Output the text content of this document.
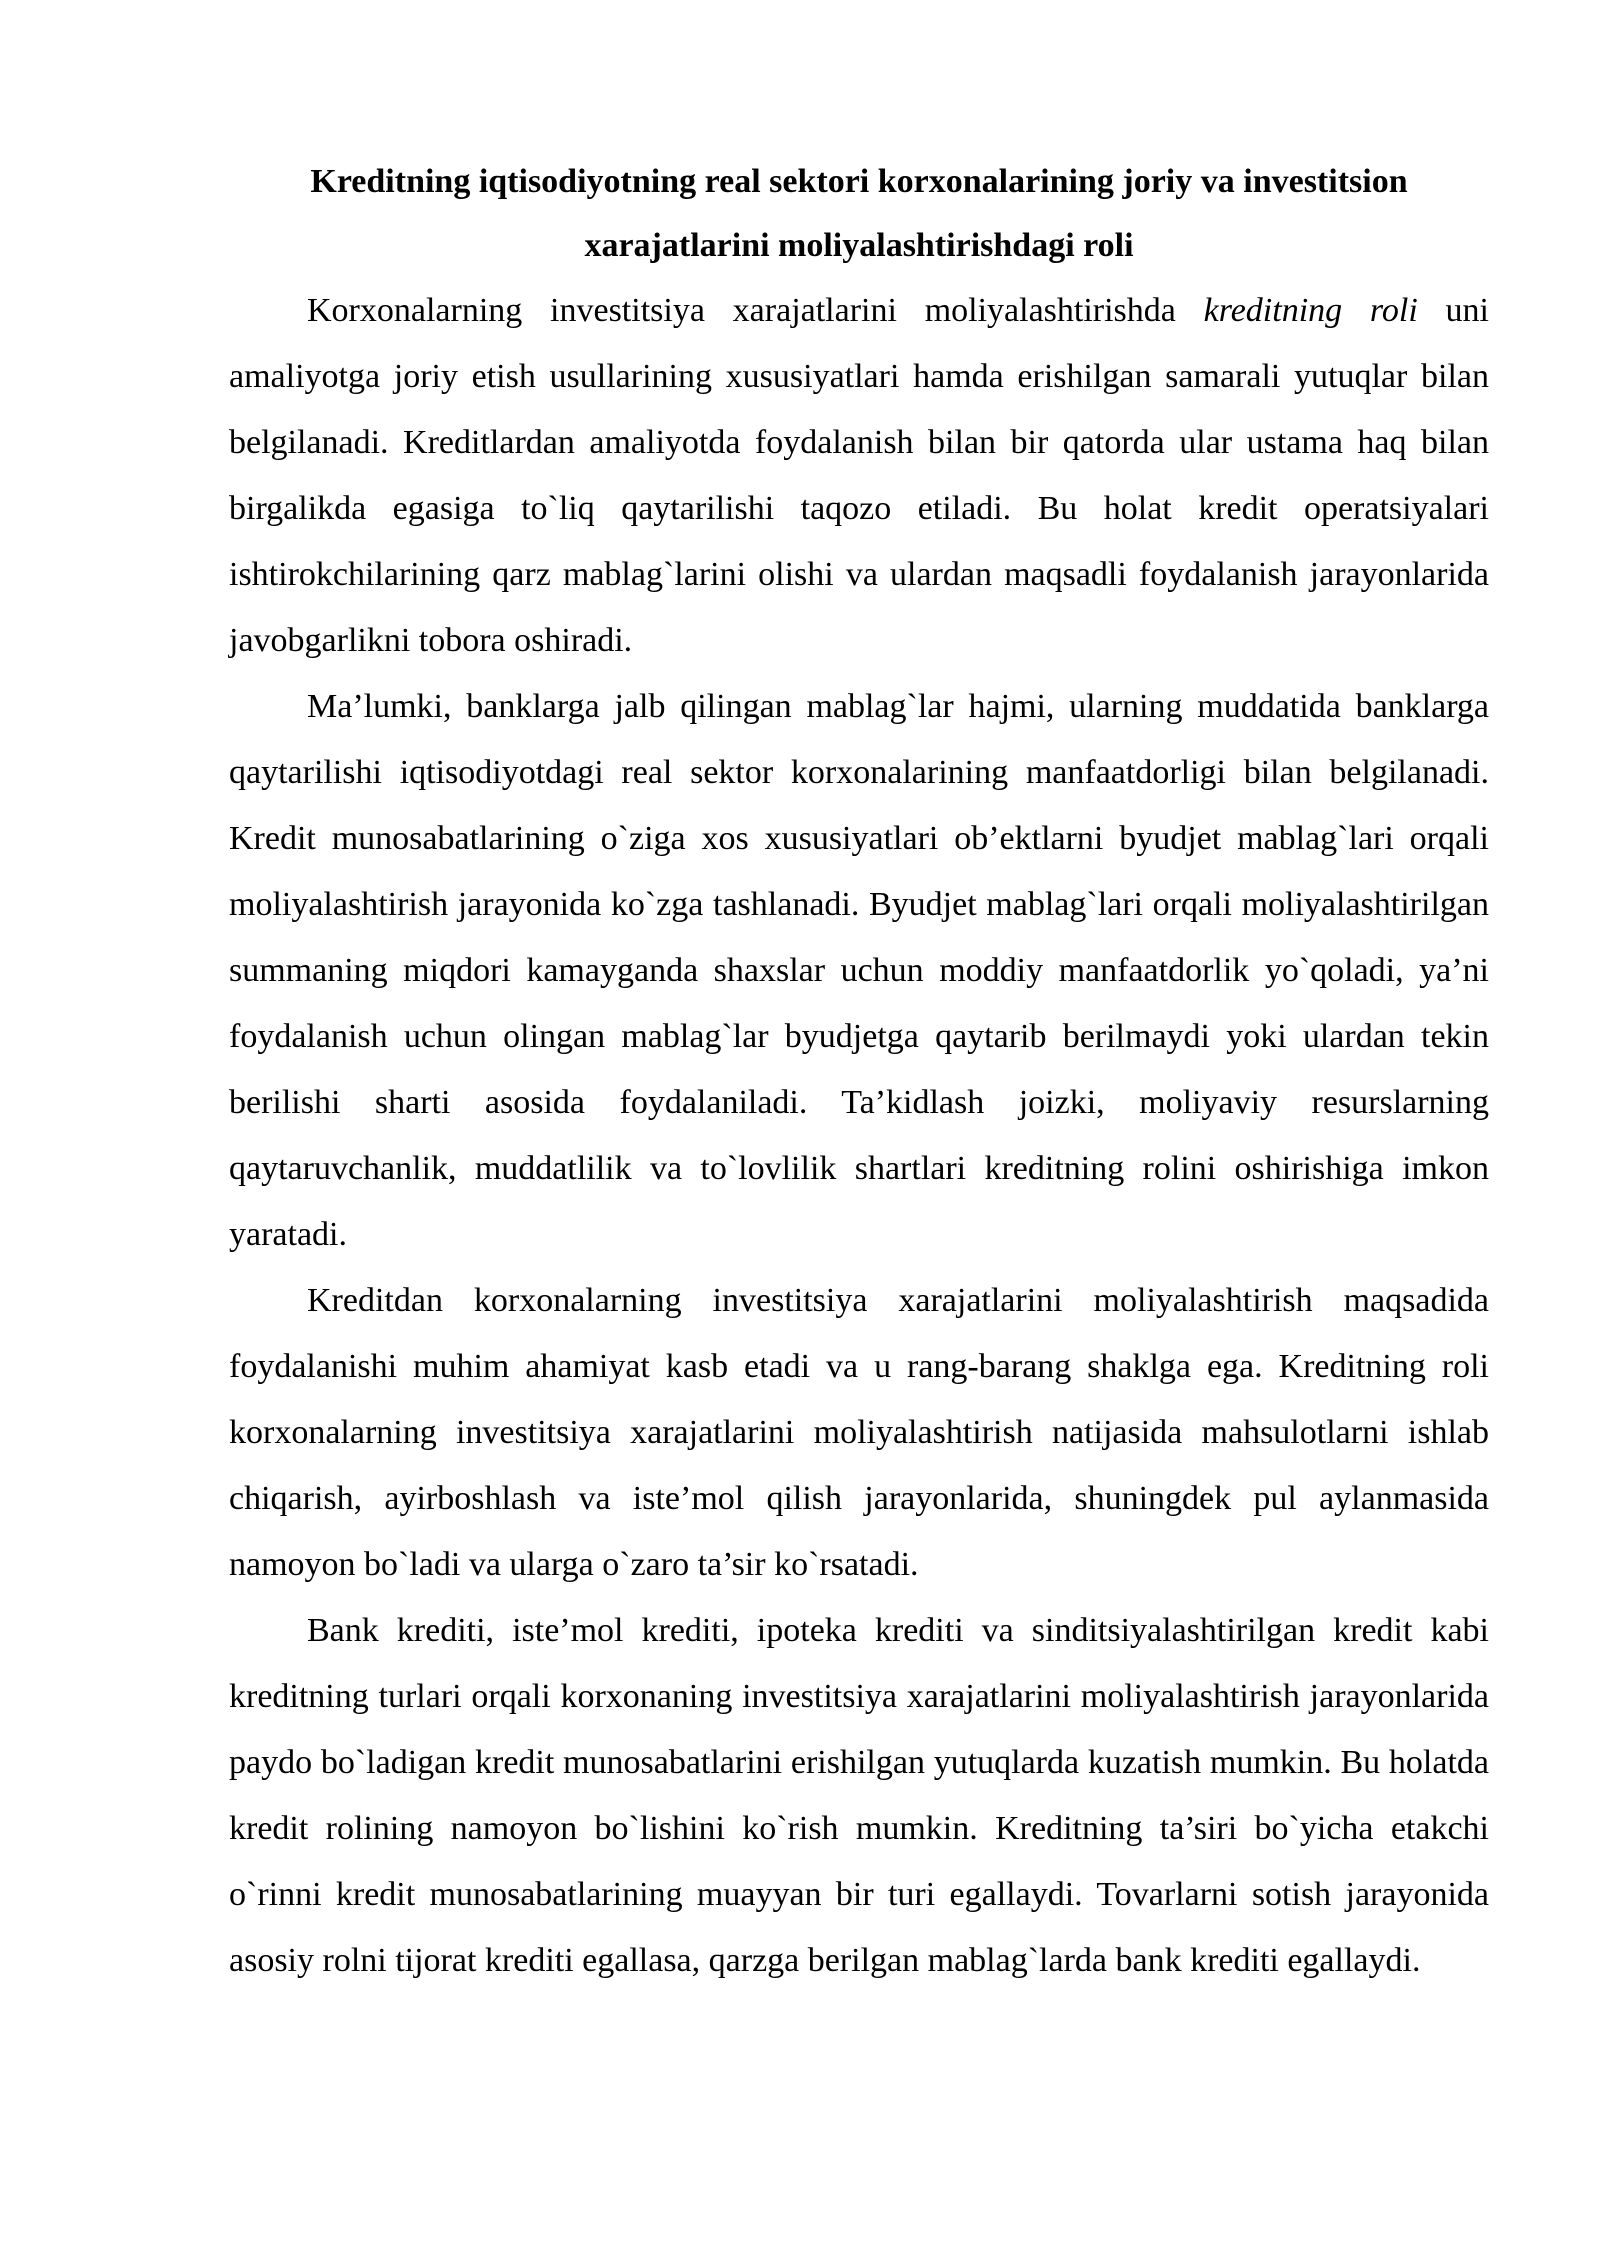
Kreditning iqtisodiyotning real sektori korxonalarining joriy va investitsion xarajatlarini moliyalashtirishdagi roli

Korxonalarning investitsiya xarajatlarini moliyalashtirishda kreditning roli uni amaliyotga joriy etish usullarining xususiyatlari hamda erishilgan samarali yutuqlar bilan belgilanadi. Kreditlardan amaliyotda foydalanish bilan bir qatorda ular ustama haq bilan birgalikda egasiga to`liq qaytarilishi taqozo etiladi. Bu holat kredit operatsiyalari ishtirokchilarining qarz mablag`larini olishi va ulardan maqsadli foydalanish jarayonlarida javobgarlikni tobora oshiradi.

Ma’lumki, banklarga jalb qilingan mablag`lar hajmi, ularning muddatida banklarga qaytarilishi iqtisodiyotdagi real sektor korxonalarining manfaatdorligi bilan belgilanadi. Kredit munosabatlarining o`ziga xos xususiyatlari ob’ektlarni byudjet mablag`lari orqali moliyalashtirish jarayonida ko`zga tashlanadi. Byudjet mablag`lari orqali moliyalashtirilgan summaning miqdori kamayganda shaxslar uchun moddiy manfaatdorlik yo`qoladi, ya’ni foydalanish uchun olingan mablag`lar byudjetga qaytarib berilmaydi yoki ulardan tekin berilishi sharti asosida foydalaniladi. Ta’kidlash joizki, moliyaviy resurslarning qaytaruvchanlik, muddatlilik va to`lovlilik shartlari kreditning rolini oshirishiga imkon yaratadi.

Kreditdan korxonalarning investitsiya xarajatlarini moliyalashtirish maqsadida foydalanishi muhim ahamiyat kasb etadi va u rang-barang shaklga ega. Kreditning roli korxonalarning investitsiya xarajatlarini moliyalashtirish natijasida mahsulotlarni ishlab chiqarish, ayirboshlash va iste’mol qilish jarayonlarida, shuningdek pul aylanmasida namoyon bo`ladi va ularga o`zaro ta’sir ko`rsatadi.

Bank krediti, iste’mol krediti, ipoteka krediti va sinditsiyalashtirilgan kredit kabi kreditning turlari orqali korxonaning investitsiya xarajatlarini moliyalashtirish jarayonlarida paydo bo`ladigan kredit munosabatlarini erishilgan yutuqlarda kuzatish mumkin. Bu holatda kredit rolining namoyon bo`lishini ko`rish mumkin. Kreditning ta’siri bo`yicha etakchi o`rinni kredit munosabatlarining muayyan bir turi egallaydi. Tovarlarni sotish jarayonida asosiy rolni tijorat krediti egallasa, qarzga berilgan mablag`larda bank krediti egallaydi.
